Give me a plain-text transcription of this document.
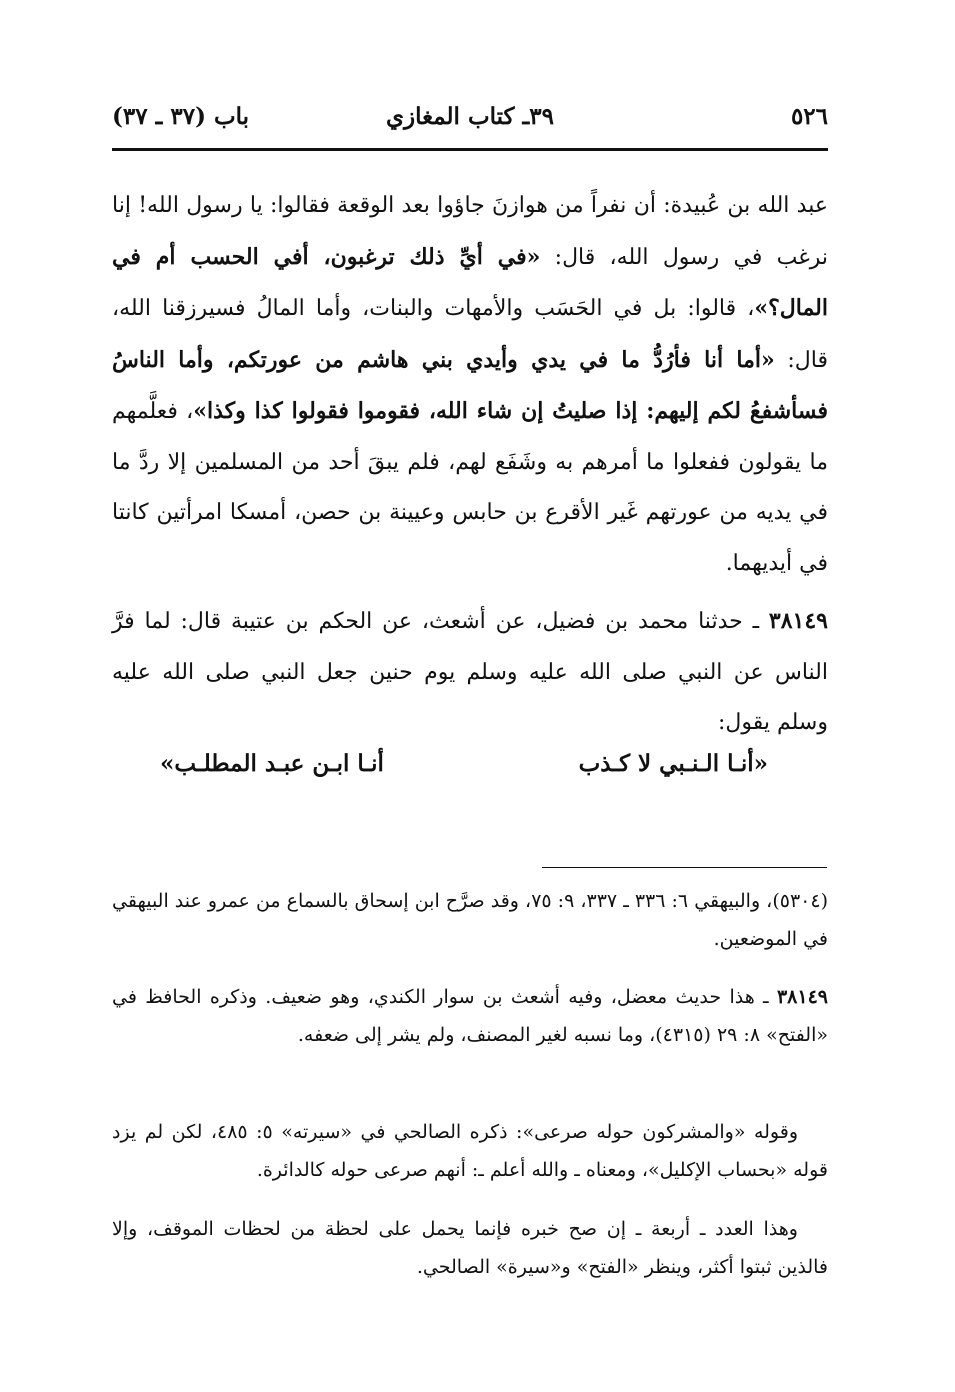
٥٢٦
٣٩ـ كتاب المغازي
باب (٣٧ ـ ٣٧)
عبد الله بن عُبيدة: أن نفراً من هوازنَ جاؤوا بعد الوقعة فقالوا: يا رسول الله! إنا نرغب في رسول الله، قال: «في أيِّ ذلك ترغبون، أفي الحسب أم في المال؟»، قالوا: بل في الحَسَب والأمهات والبنات، وأما المالُ فسيرزقنا الله، قال: «أما أنا فأرُدُّ ما في يدي وأيدي بني هاشم من عورتكم، وأما الناسُ فسأشفعُ لكم إليهم: إذا صليتُ إن شاء الله، فقوموا فقولوا كذا وكذا»، فعلَّمهم ما يقولون ففعلوا ما أمرهم به وشَفَع لهم، فلم يبقَ أحد من المسلمين إلا ردَّ ما في يديه من عورتهم غَير الأقرع بن حابس وعيينة بن حصن، أمسكا امرأتين كانتا في أيديهما.
٣٨١٤٩ ـ حدثنا محمد بن فضيل، عن أشعث، عن الحكم بن عتيبة قال: لما فرَّ الناس عن النبي صلى الله عليه وسلم يوم حنين جعل النبي صلى الله عليه وسلم يقول:
«أنـا الـنـبي لا كـذب
أنـا ابـن عبـد المطلـب»
(٥٣٠٤)، والبيهقي ٦: ٣٣٦ ـ ٣٣٧، ٩: ٧٥، وقد صرَّح ابن إسحاق بالسماع من عمرو عند البيهقي في الموضعين.
٣٨١٤٩ ـ هذا حديث معضل، وفيه أشعث بن سوار الكندي، وهو ضعيف. وذكره الحافظ في «الفتح» ٨: ٢٩ (٤٣١٥)، وما نسبه لغير المصنف، ولم يشر إلى ضعفه.
وقوله «والمشركون حوله صرعى»: ذكره الصالحي في «سيرته» ٥: ٤٨٥، لكن لم يزد قوله «بحساب الإكليل»، ومعناه ـ والله أعلم ـ: أنهم صرعى حوله كالدائرة.
وهذا العدد ـ أربعة ـ إن صح خبره فإنما يحمل على لحظة من لحظات الموقف، وإلا فالذين ثبتوا أكثر، وينظر «الفتح» و«سيرة» الصالحي.
